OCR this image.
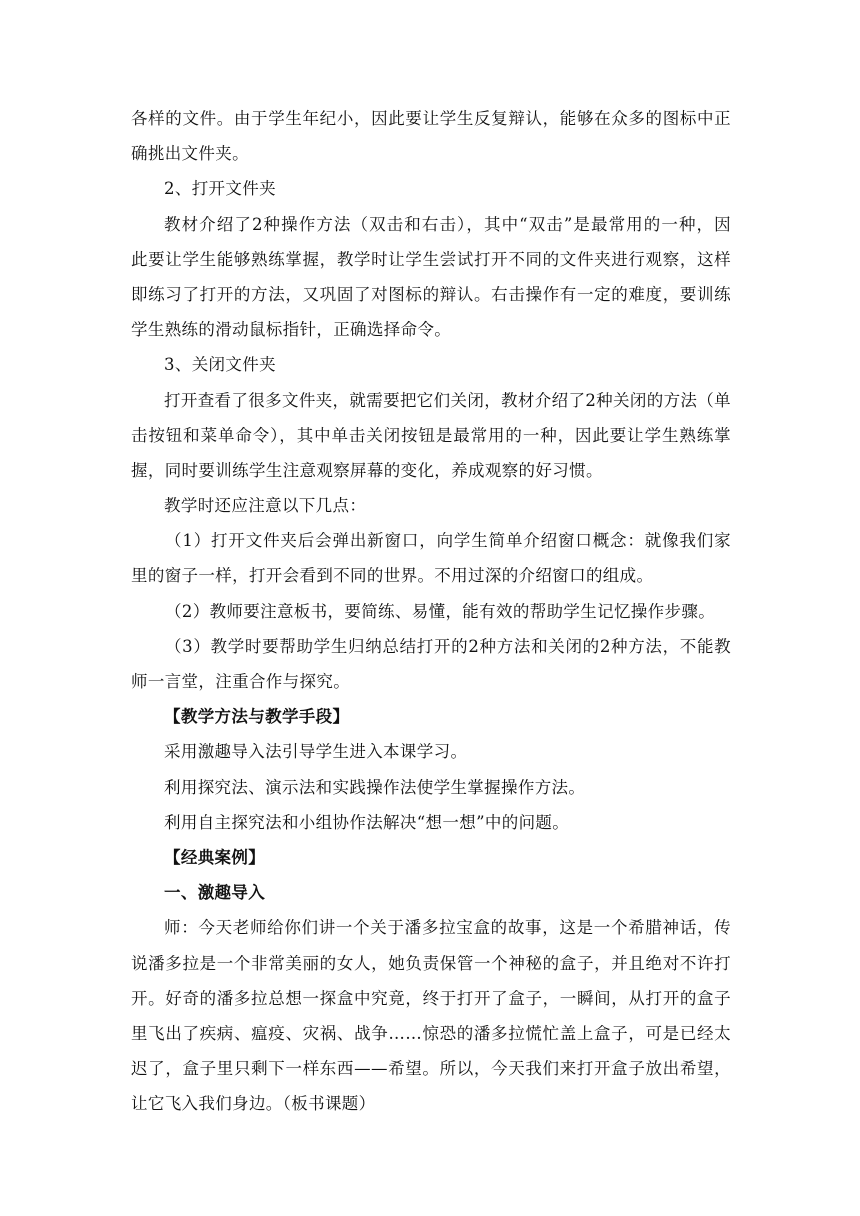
各样的文件。由于学生年纪小，因此要让学生反复辩认，能够在众多的图标中正
确挑出文件夹。
2、打开文件夹
教材介绍了2种操作方法（双击和右击），其中“双击”是最常用的一种，因
此要让学生能够熟练掌握，教学时让学生尝试打开不同的文件夹进行观察，这样
即练习了打开的方法，又巩固了对图标的辩认。右击操作有一定的难度，要训练
学生熟练的滑动鼠标指针，正确选择命令。
3、关闭文件夹
打开查看了很多文件夹，就需要把它们关闭，教材介绍了2种关闭的方法（单
击按钮和菜单命令），其中单击关闭按钮是最常用的一种，因此要让学生熟练掌
握，同时要训练学生注意观察屏幕的变化，养成观察的好习惯。
教学时还应注意以下几点：
（1）打开文件夹后会弹出新窗口，向学生简单介绍窗口概念：就像我们家
里的窗子一样，打开会看到不同的世界。不用过深的介绍窗口的组成。
（2）教师要注意板书，要简练、易懂，能有效的帮助学生记忆操作步骤。
（3）教学时要帮助学生归纳总结打开的2种方法和关闭的2种方法，不能教
师一言堂，注重合作与探究。
【教学方法与教学手段】
采用激趣导入法引导学生进入本课学习。
利用探究法、演示法和实践操作法使学生掌握操作方法。
利用自主探究法和小组协作法解决“想一想”中的问题。
【经典案例】
一、激趣导入
师：今天老师给你们讲一个关于潘多拉宝盒的故事，这是一个希腊神话，传
说潘多拉是一个非常美丽的女人，她负责保管一个神秘的盒子，并且绝对不许打
开。好奇的潘多拉总想一探盒中究竟，终于打开了盒子，一瞬间，从打开的盒子
里飞出了疾病、瘟疫、灾祸、战争……惊恐的潘多拉慌忙盖上盒子，可是已经太
迟了，盒子里只剩下一样东西——希望。所以，今天我们来打开盒子放出希望，
让它飞入我们身边。（板书课题）
